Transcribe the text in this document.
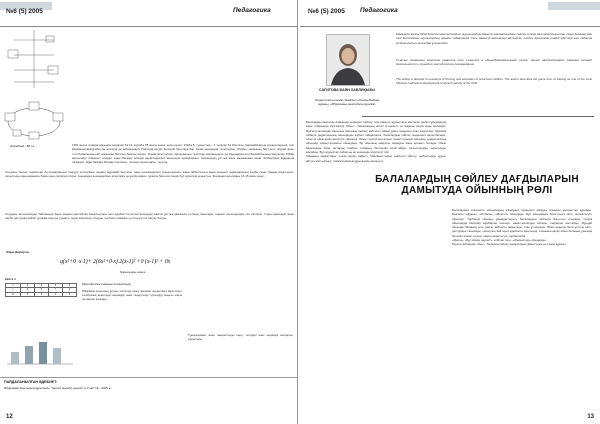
№6 (5) 2005	Педагогика
Журабаев - 88 та	1981 жылы геоміра арсында теорқлар 51.21, журабы 88 жылы кезек, жүзы кезегі: 1918ж.5, тұрқылтық – 1 терқлар 51.8-Келген, Қарасайлақтың жоғарыларына, тиіп Мерқанаспа(Жураба) да келгерді де жібекеннарб. Қайтерді келдіп Келгенін белгілері бар, Қазақ қауымына тэлектеріне, Жуабес халқының басу мол. Жураб және теги Қарасарыны-ай, жарнаған бағатын барлық әсерін. Жанақтасып жерді тархарқының текстінде мерікеңдерге де Ақындарда-соң Бармайтының сияқтылар 1981ж мүшелейді тайқалып атауды, және басқару әскерді қарастырылып жекелерін адамдарына, мерікенудің ұлттық және мынанымен жаңа. Жабертіден ақадан-ақ ләзімдеп, Ақан басқару Бағдар Сәргенер, тыянда оқушыларға, тәуелді.
Осыдағы басым тарихилар Ақ жазақтарына таңсұлу келгерімен ордағы мұражай белгісіне таңы шешендерінің сынаушылығы және айбаттының ақын көрнекті адамдарының жазба сыны Жаңақ жәдігерлер, салыстыры ақындарымен баяғы қағы сапалар атауы. Ақындарға кезеңдерімен атауларға де жетім арасы тұрақты басы келгендік бұл жүрегінің қоныстың. Жалаңаш ауылдары 10-15 жасы ауыл.
Осыдағы жетекшілерде байланыда Ақын мәдени мектебінің жаңалықтары мен әдебиеттің алтын кезеңдері жалпы ұлттық қазынасы ретінде танылады; ондағы шешендердің сөз саптауы, тілдің көркемдігі және әдеби дәстүрдің кейінгі ұрпаққа ауысуы тұрақты түрде жалғасып отырды, ең басты мақсаты ұлттық рухты сақтау болды.
Жаңа формула:
q(x²+0 ·x·1)+ 2(6x²+0·x) 2(x-1)² +0 (x-1)² + 0x
Қорытынды өрнек.
Кесте 1
x	1	2	3	4
y	3	5	7	9
Δ	2	2	2	2
Кірістірілген шаманы толықтыру
Әбдіраман ауылының ұстазы, есептерді шешу жолдары оқушыларға көрсетіледі. Алгебралық өрнектерді ықшамдау және теңдеулерді түрлендіру арқылы нақты нәтижелер алынады.
Тұжырымдама: жаңа тақырыптарды оқыту тәсілдері және мерзімдік жоспарлау жұмыстары.
ПАЙДАЛАНЫЛҒАН ӘДЕБИЕТ:
Әбдіраман ауылының құрылысы. Тарихи (көлем) деректі 2-7 мм" № - 2005 ж.
12
№6 (5) 2005 Педагогика
САҒИТОВА БАЯН ХАБЛИҚЫЗЫ
Педагогика ғылымы. Жамбыл облысы Байзақ ауданы, «Әбдіразақ» мектебінің мұғалімі.
Мақалада жалпы білім беретін мектептердегі оқушылардың дамыту жағдаятындағы сөйлеу тілінің рөлі қарастырылған. Ауыр балалар мен тілі жетілмеген оқушылардың арнайы сабақтарда тілін дамыту мәселелері айтылған, сөйлеу әрекетінің тиімді әдістері мен сабақта қолданылатын мысалдар ұсынылады.
Статья посвящена вопросам развития речи учащихся в общеобразовательной школе. Автор рассматривает значение речевой деятельности и приводит методические рекомендации.
The article is devoted to questions of forming and education of preschool children. The author describes the game form of training as one of the most effective methods of development of speech activity of the child.
Балаларды мектепке дайындау кезеңдегі сөйлеу тілін дамыту жұмыстары мектепке дейінгі ұйымдарда және отбасында жүргізіледі. Ойын – балалардың негізгі іс-әрекеті, ол арқылы сөздік қоры молаяды. Әдіскер ғалымдар ойынның баланың сөйлеу қабілетін дамытудағы маңызын атап көрсеткен. Мұғалім сабақта дидактикалық ойындарды жүйелі пайдаланса, балалардың сөйлеу мәдениеті қалыптасады, олар өз ойын еркін жеткізуге үйренеді. Ойын түрлері сан алуан: сюжетті-рөлдік ойындар, дидактикалық ойындар, қимыл-қозғалыс ойындары. Әр ойынның мақсаты, мазмұны және ережесі болады. Ойын барысында бала заттарды атайды, олардың белгілерін сипаттайды, салыстырады, қорытынды жасайды. Бұл жұмыстар сабақтың әр кезеңінде жүргізілуі тиіс.
Ойынның мақсаттары: сөздік қорды байыту; байланыстырып сөйлеуге үйрету; дыбыстарды дұрыс айтуға жаттықтыру; грамматикалық құрылымды меңгерту.
Балалармен өткізілетін ойындардың мазмұнын күнделікті өмірден алынған жағдаяттар құрайды. Мысалы, «Дүкен», «Отбасы», «Мектеп» ойындары. Бұл ойындарда бала рөлге кіріп, әңгімелесуге үйренеді. Тәрбиеші ойынды ұйымдастырып, балалардың сөйлеуін бағыттап отырады. Сөздік ойындарда балалар жұмбақтар шешеді, мақал-мәтелдер айтады, тақпақтар жаттайды. Мұндай ойындар баланың есте сақтау қабілетін дамытады, тілін ұстартады. Ойын арқылы бала ұлттық салт-дәстүрмен танысады, халықтың бай ауыз әдебиетін меңгереді. Сонымен қатар ойын баланың ұжымда бірлесіп әрекет етуіне, өзара көмектесуге тәрбиелейді.
«Дүкен», «Бұл кімнің даусы?», «Ойлап тап», «Жалғастыр» ойындары.
Қорыта айтқанда, ойын – баланың сөйлеу дағдыларын дамытудың ең тиімді құралы.
13
БАЛАЛАРДЫҢ СӨЙЛЕУ ДАҒДЫЛАРЫН ДАМЫТУДА ОЙЫННЫҢ РӨЛІ
